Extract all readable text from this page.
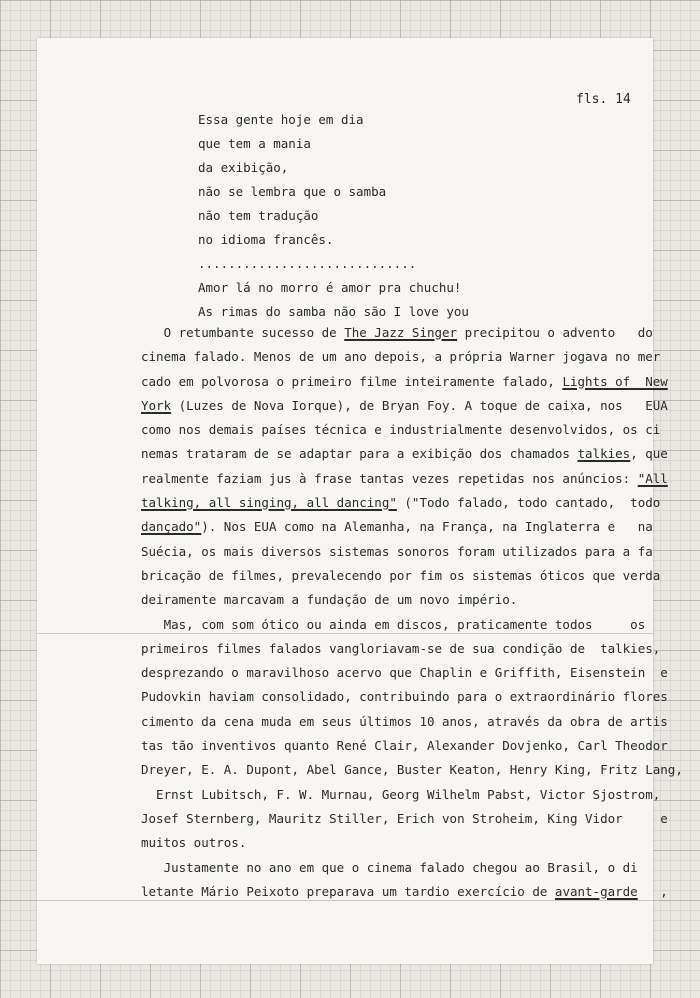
fls. 14
Essa gente hoje em dia
que tem a mania
da exibição,
não se lembra que o samba
não tem tradução
no idioma francês.
.............................
Amor lá no morro é amor pra chuchu!
As rimas do samba não são I love you
O retumbante sucesso de The Jazz Singer precipitou o advento   do
cinema falado. Menos de um ano depois, a própria Warner jogava no mer
cado em polvorosa o primeiro filme inteiramente falado, Lights of  New
York (Luzes de Nova Iorque), de Bryan Foy. A toque de caixa, nos   EUA
como nos demais países técnica e industrialmente desenvolvidos, os ci
nemas trataram de se adaptar para a exibição dos chamados talkies, que
realmente faziam jus à frase tantas vezes repetidas nos anúncios: "All
talking, all singing, all dancing" ("Todo falado, todo cantado,  todo
dançado"). Nos EUA como na Alemanha, na França, na Inglaterra e   na
Suécia, os mais diversos sistemas sonoros foram utilizados para a fa
bricação de filmes, prevalecendo por fim os sistemas óticos que verda
deiramente marcavam a fundação de um novo império.
Mas, com som ótico ou ainda em discos, praticamente todos     os
primeiros filmes falados vangloriavam-se de sua condição de  talkies,
desprezando o maravilhoso acervo que Chaplin e Griffith, Eisenstein  e
Pudovkin haviam consolidado, contribuindo para o extraordinário flores
cimento da cena muda em seus últimos 10 anos, através da obra de artis
tas tão inventivos quanto René Clair, Alexander Dovjenko, Carl Theodor
Dreyer, E. A. Dupont, Abel Gance, Buster Keaton, Henry King, Fritz Lang,
Ernst Lubitsch, F. W. Murnau, Georg Wilhelm Pabst, Victor Sjostrom,
Josef Sternberg, Mauritz Stiller, Erich von Stroheim, King Vidor     e
muitos outros.
Justamente no ano em que o cinema falado chegou ao Brasil, o di
letante Mário Peixoto preparava um tardio exercício de avant-garde   ,
